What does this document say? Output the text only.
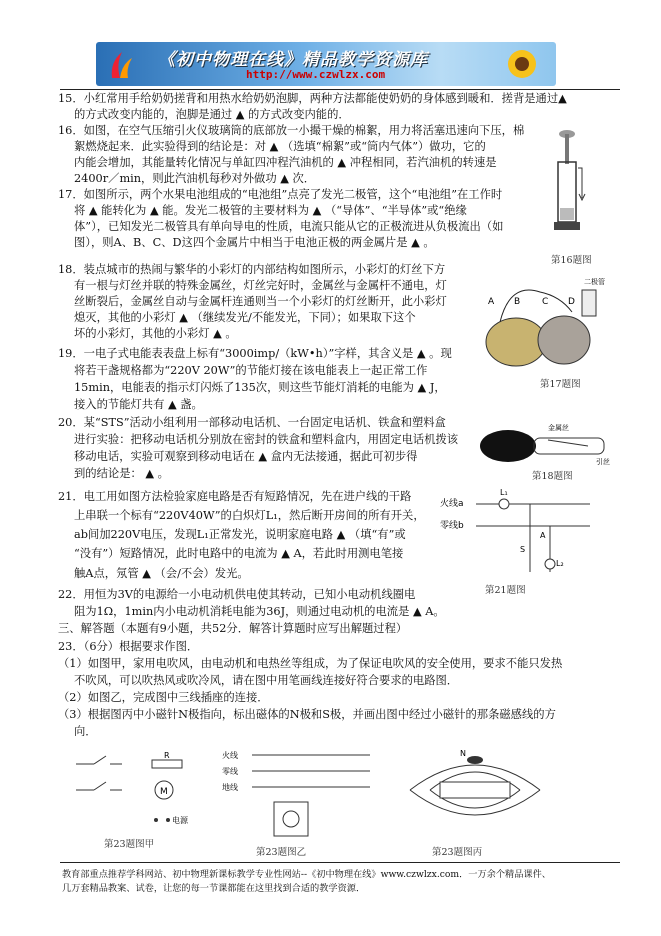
《初中物理在线》精品教学资源库
http://www.czwlzx.com
15．小红常用手给奶奶搓背和用热水给奶奶泡脚，两种方法都能使奶奶的身体感到暖和．搓背是通过▲
的方式改变内能的，泡脚是通过 ▲ 的方式改变内能的．
16．如图，在空气压缩引火仪玻璃筒的底部放一小撮干燥的棉絮，用力将活塞迅速向下压，棉
絮燃烧起来．此实验得到的结论是：对 ▲ （选填“棉絮”或“筒内气体”）做功，它的
内能会增加，其能量转化情况与单缸四冲程汽油机的 ▲ 冲程相同，若汽油机的转速是
2400r／min，则此汽油机每秒对外做功 ▲ 次．
17．如图所示，两个水果电池组成的“电池组”点亮了发光二极管，这个“电池组”在工作时
将 ▲ 能转化为 ▲ 能。发光二极管的主要材料为 ▲ （“导体”、“半导体”或“绝缘
体”），已知发光二极管具有单向导电的性质，电流只能从它的正极流进从负极流出（如
图），则A、B、C、D这四个金属片中相当于电池正极的两金属片是 ▲ 。
18．装点城市的热闹与繁华的小彩灯的内部结构如图所示，小彩灯的灯丝下方
有一根与灯丝并联的特殊金属丝，灯丝完好时，金属丝与金属杆不通电，灯
丝断裂后，金属丝自动与金属杆连通则当一个小彩灯的灯丝断开，此小彩灯
熄灭，其他的小彩灯 ▲ （继续发光/不能发光，下同）；如果取下这个
坏的小彩灯，其他的小彩灯 ▲ 。
19．一电子式电能表表盘上标有“3000imp/（kW•h）”字样，其含义是 ▲ 。现
将若干盏规格都为“220V 20W”的节能灯接在该电能表上一起正常工作
15min，电能表的指示灯闪烁了135次，则这些节能灯消耗的电能为 ▲ J，
接入的节能灯共有 ▲ 盏。
20．某“STS”活动小组利用一部移动电话机、一台固定电话机、铁盒和塑料盒
进行实验：把移动电话机分别放在密封的铁盒和塑料盒内，用固定电话机拨该
移动电话，实验可观察到移动电话在 ▲ 盒内无法接通，据此可初步得
到的结论是： ▲ 。
21．电工用如图方法检验家庭电路是否有短路情况，先在进户线的干路
上串联一个标有“220V40W”的白炽灯L₁，然后断开房间的所有开关，
ab间加220V电压，发现L₁正常发光，说明家庭电路 ▲ （填“有”或
“没有”）短路情况，此时电路中的电流为 ▲ A，若此时用测电笔接
触A点，氖管 ▲ （会/不会）发光。
22．用恒为3V的电源给一小电动机供电使其转动，已知小电动机线圈电
阻为1Ω，1min内小电动机消耗电能为36J，则通过电动机的电流是 ▲ A。
三、解答题（本题有9小题，共52分．解答计算题时应写出解题过程）
23．（6分）根据要求作图．
（1）如图甲，家用电吹风，由电动机和电热丝等组成，为了保证电吹风的安全使用，要求不能只发热
不吹风，可以吹热风或吹冷风，请在图中用笔画线连接好符合要求的电路图．
（2）如图乙，完成图中三线插座的连接．
（3）根据图丙中小磁针N极指向，标出磁体的N极和S极，并画出图中经过小磁针的那条磁感线的方
向．
第16题图
A B C D
二极管
第17题图
金属丝
引丝
第18题图
火线a
零线b
L₁
A
S
L₂
第21题图
R
M
电源
第23题图甲
火线
零线
地线
第23题图乙
N
第23题图丙
教育部重点推荐学科网站、初中物理新课标教学专业性网站--《初中物理在线》www.czwlzx.com．一万余个精品课件、
几万套精品教案、试卷，让您的每一节课都能在这里找到合适的教学资源．
